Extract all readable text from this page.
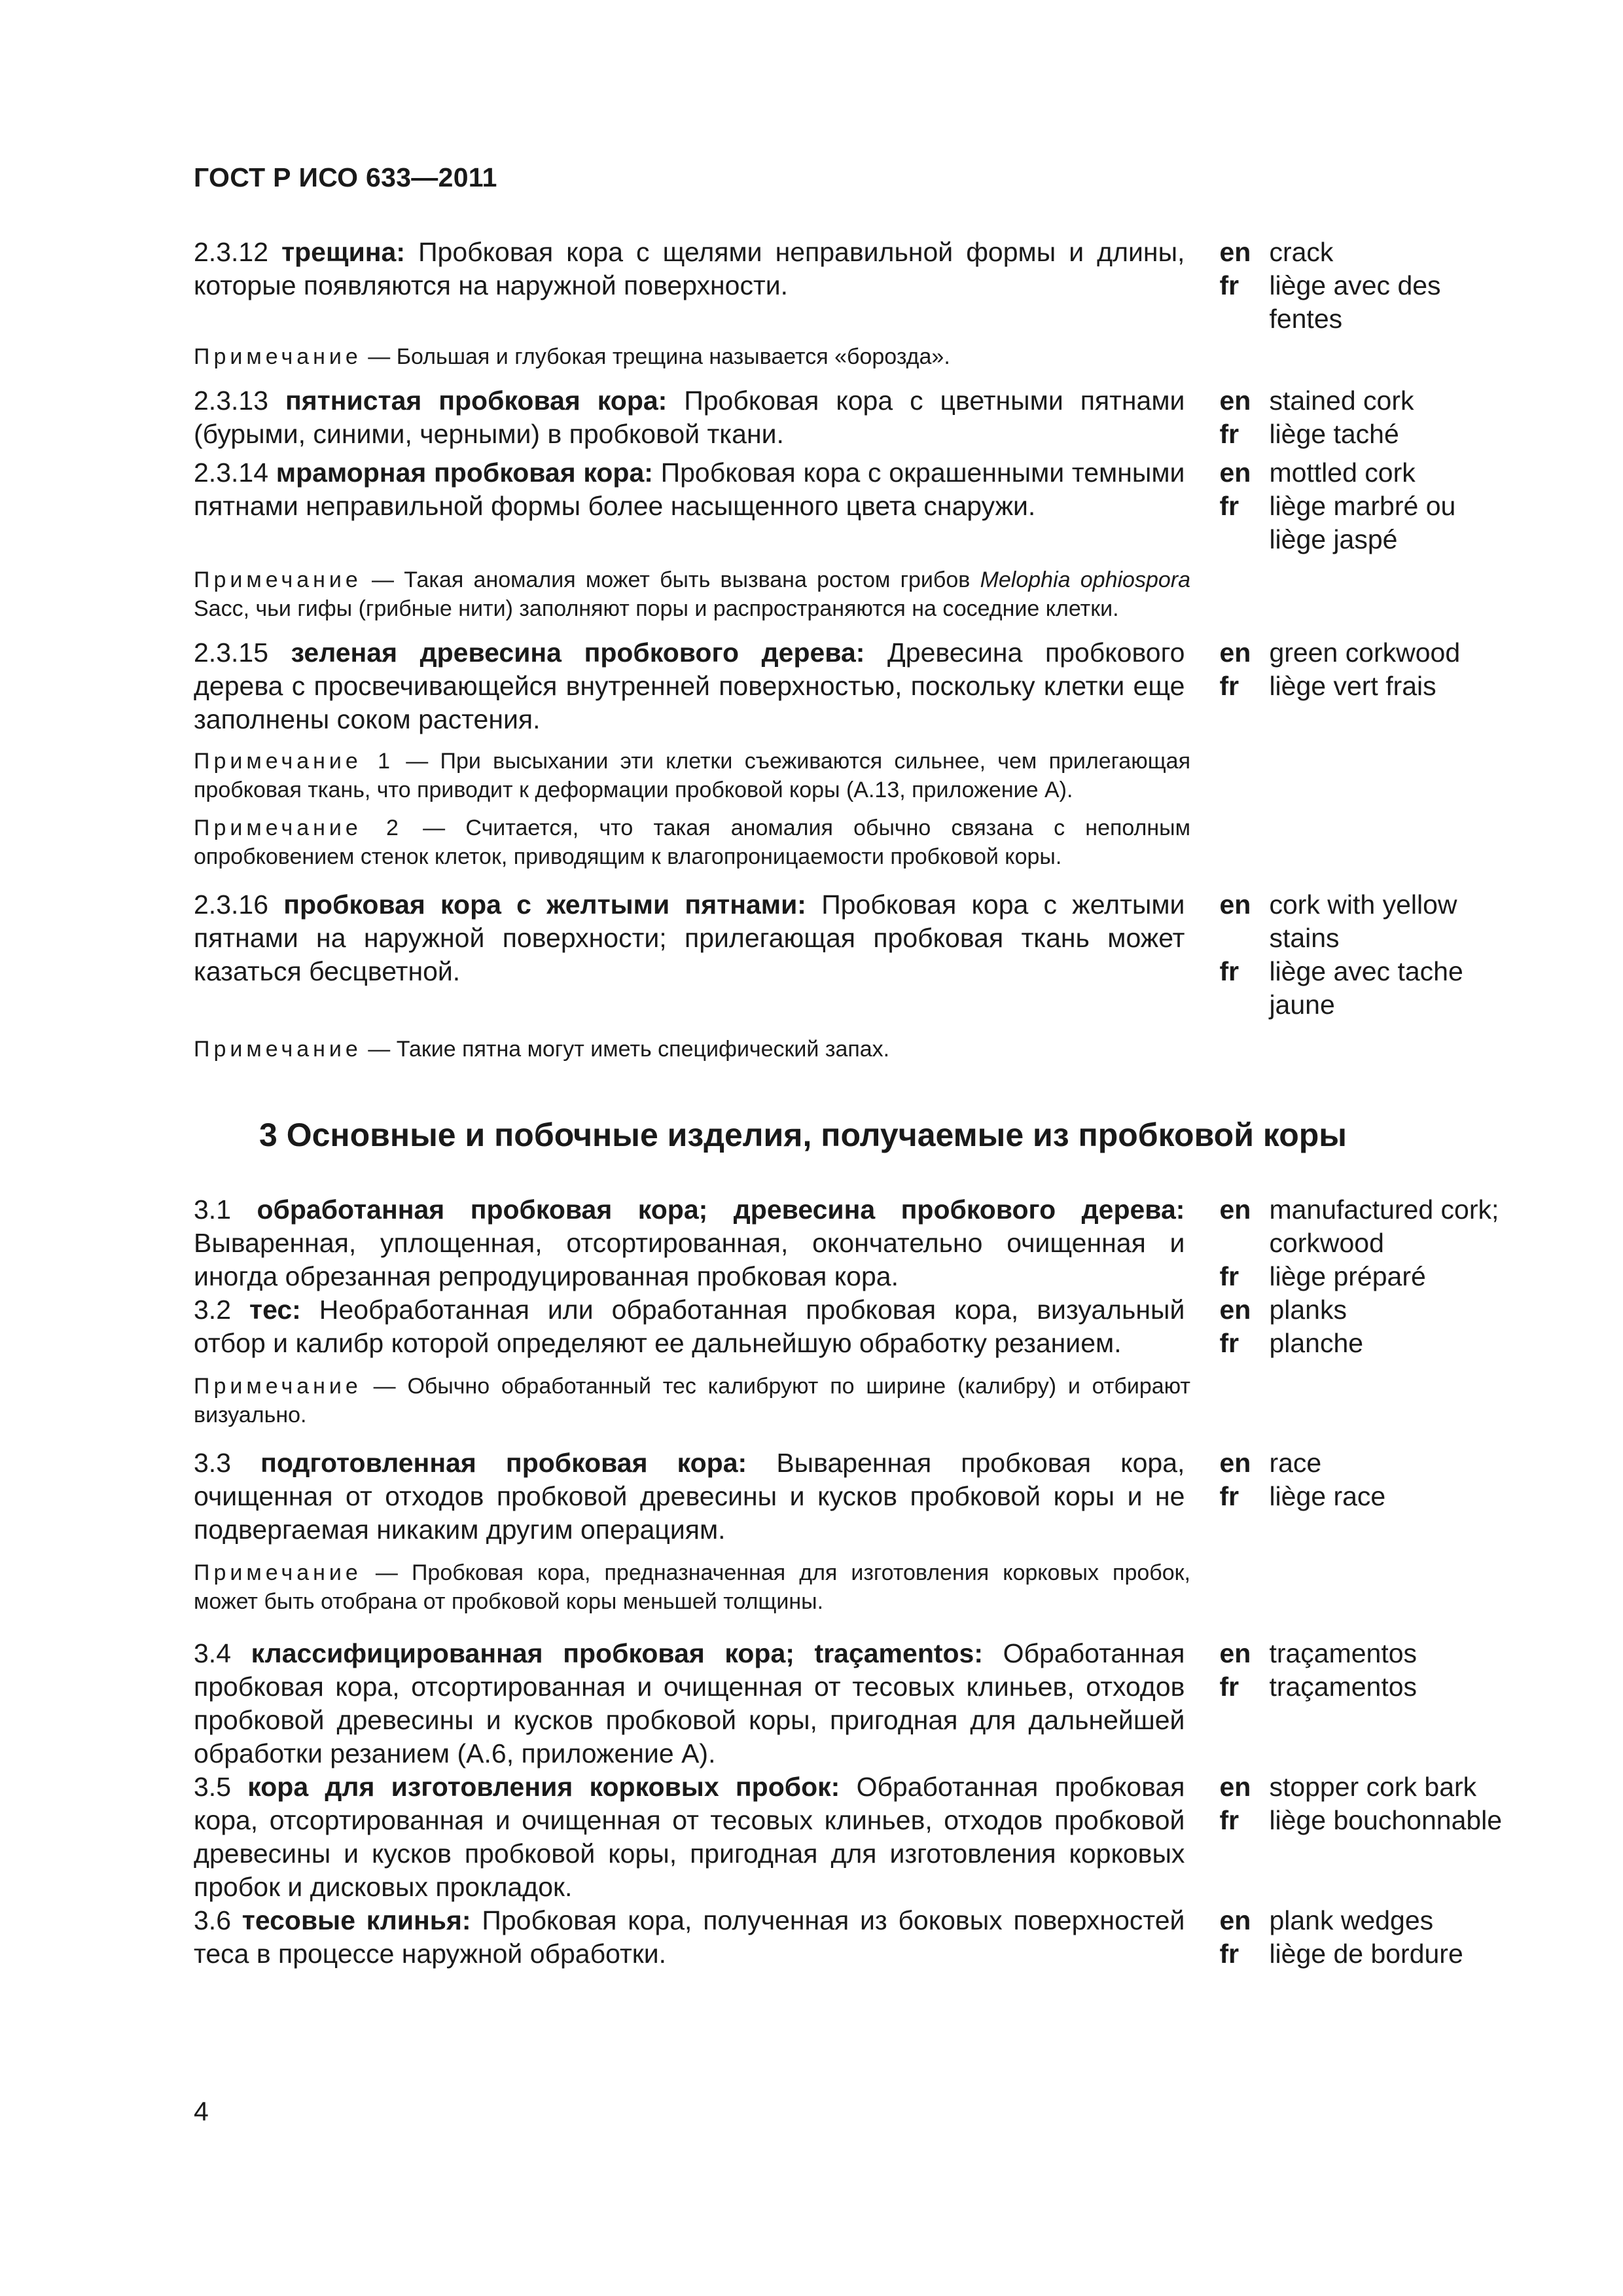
ГОСТ Р ИСО 633—2011
2.3.12 трещина: Пробковая кора с щелями неправильной формы и длины, которые появляются на наружной поверхности.
en crack
fr	liège avec des fentes
Примечание — Большая и глубокая трещина называется «борозда».
2.3.13 пятнистая пробковая кора: Пробковая кора с цветными пятнами (бурыми, синими, черными) в пробковой ткани.
en stained cork
fr	liège taché
2.3.14 мраморная пробковая кора: Пробковая кора с окрашенными темными пятнами неправильной формы более насыщенного цвета снаружи.
en mottled cork
fr	liège marbré ou liège jaspé
Примечание — Такая аномалия может быть вызвана ростом грибов Melophia ophiospora Sacc, чьи гифы (грибные нити) заполняют поры и распространяются на соседние клетки.
2.3.15 зеленая древесина пробкового дерева: Древесина пробкового дерева с просвечивающейся внутренней поверхностью, поскольку клетки еще заполнены соком растения.
en green corkwood
fr	liège vert frais
Примечание 1 — При высыхании эти клетки съеживаются сильнее, чем прилегающая пробковая ткань, что приводит к деформации пробковой коры (А.13, приложение А).
Примечание 2 — Считается, что такая аномалия обычно связана с неполным опробковением стенок клеток, приводящим к влагопроницаемости пробковой коры.
2.3.16 пробковая кора с желтыми пятнами: Пробковая кора с желтыми пятнами на наружной поверхности; прилегающая пробковая ткань может казаться бесцветной.
en cork with yellow stains
fr	liège avec tache jaune
Примечание — Такие пятна могут иметь специфический запах.
3 Основные и побочные изделия, получаемые из пробковой коры
3.1 обработанная пробковая кора; древесина пробкового дерева: Вываренная, уплощенная, отсортированная, окончательно очищенная и иногда обрезанная репродуцированная пробковая кора.
en manufactured cork; corkwood
fr	liège préparé
3.2 тес: Необработанная или обработанная пробковая кора, визуальный отбор и калибр которой определяют ее дальнейшую обработку резанием.
en planks
fr	planche
Примечание — Обычно обработанный тес калибруют по ширине (калибру) и отбирают визуально.
3.3 подготовленная пробковая кора: Вываренная пробковая кора, очищенная от отходов пробковой древесины и кусков пробковой коры и не подвергаемая никаким другим операциям.
en race
fr	liège race
Примечание — Пробковая кора, предназначенная для изготовления корковых пробок, может быть отобрана от пробковой коры меньшей толщины.
3.4 классифицированная пробковая кора; traçamentos: Обработанная пробковая кора, отсортированная и очищенная от тесовых клиньев, отходов пробковой древесины и кусков пробковой коры, пригодная для дальнейшей обработки резанием (А.6, приложение А).
en traçamentos
fr	traçamentos
3.5 кора для изготовления корковых пробок: Обработанная пробковая кора, отсортированная и очищенная от тесовых клиньев, отходов пробковой древесины и кусков пробковой коры, пригодная для изготовления корковых пробок и дисковых прокладок.
en stopper cork bark
fr	liège bouchonnable
3.6 тесовые клинья: Пробковая кора, полученная из боковых поверхностей теса в процессе наружной обработки.
en plank wedges
fr	liège de bordure
4
